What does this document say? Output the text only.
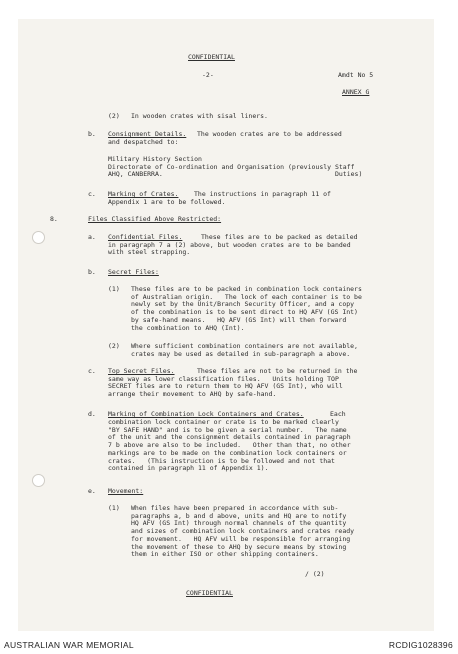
CONFIDENTIAL

-2-	Amdt No 5

ANNEX G

(2) In wooden crates with sisal liners.

b. Consignment Details.	The wooden crates are to be addressed
and despatched to:

Military History Section
Directorate of Co-ordination and Organisation (previously Staff
AHQ, CANBERRA.                                            Duties)

c. Marking of Crates.	The instructions in paragraph 11 of
Appendix 1 are to be followed.

8.	Files Classified Above Restricted:

a. Confidential Files.	These files are to be packed as detailed
in paragraph 7 a (2) above, but wooden crates are to be banded
with steel strapping.

b. Secret Files:

(1) These files are to be packed in combination lock containers
of Australian origin.   The lock of each container is to be
newly set by the Unit/Branch Security Officer, and a copy
of the combination is to be sent direct to HQ AFV (GS Int)
by safe-hand means.   HQ AFV (GS Int) will then forward
the combination to AHQ (Int).

(2) Where sufficient combination containers are not available,
crates may be used as detailed in sub-paragraph a above.

c. Top Secret Files.	These files are not to be returned in the
same way as lower classification files.   Units holding TOP
SECRET files are to return them to HQ AFV (GS Int), who will
arrange their movement to AHQ by safe-hand.

d. Marking of Combination Lock Containers and Crates.	Each

combination lock container or crate is to be marked clearly
"BY SAFE HAND" and is to be given a serial number.   The name
of the unit and the consignment details contained in paragraph
7 b above are also to be included.   Other than that, no other
markings are to be made on the combination lock containers or
crates.   (This instruction is to be followed and not that
contained in paragraph 11 of Appendix 1).

e. Movement:

(1) When files have been prepared in accordance with sub-
paragraphs a, b and d above, units and HQ are to notify
HQ AFV (GS Int) through normal channels of the quantity
and sizes of combination lock containers and crates ready
for movement.   HQ AFV will be responsible for arranging
the movement of these to AHQ by secure means by stowing
them in either ISO or other shipping containers.

/ (2)

CONFIDENTIAL

AUSTRALIAN WAR MEMORIAL	RCDIG1028396
